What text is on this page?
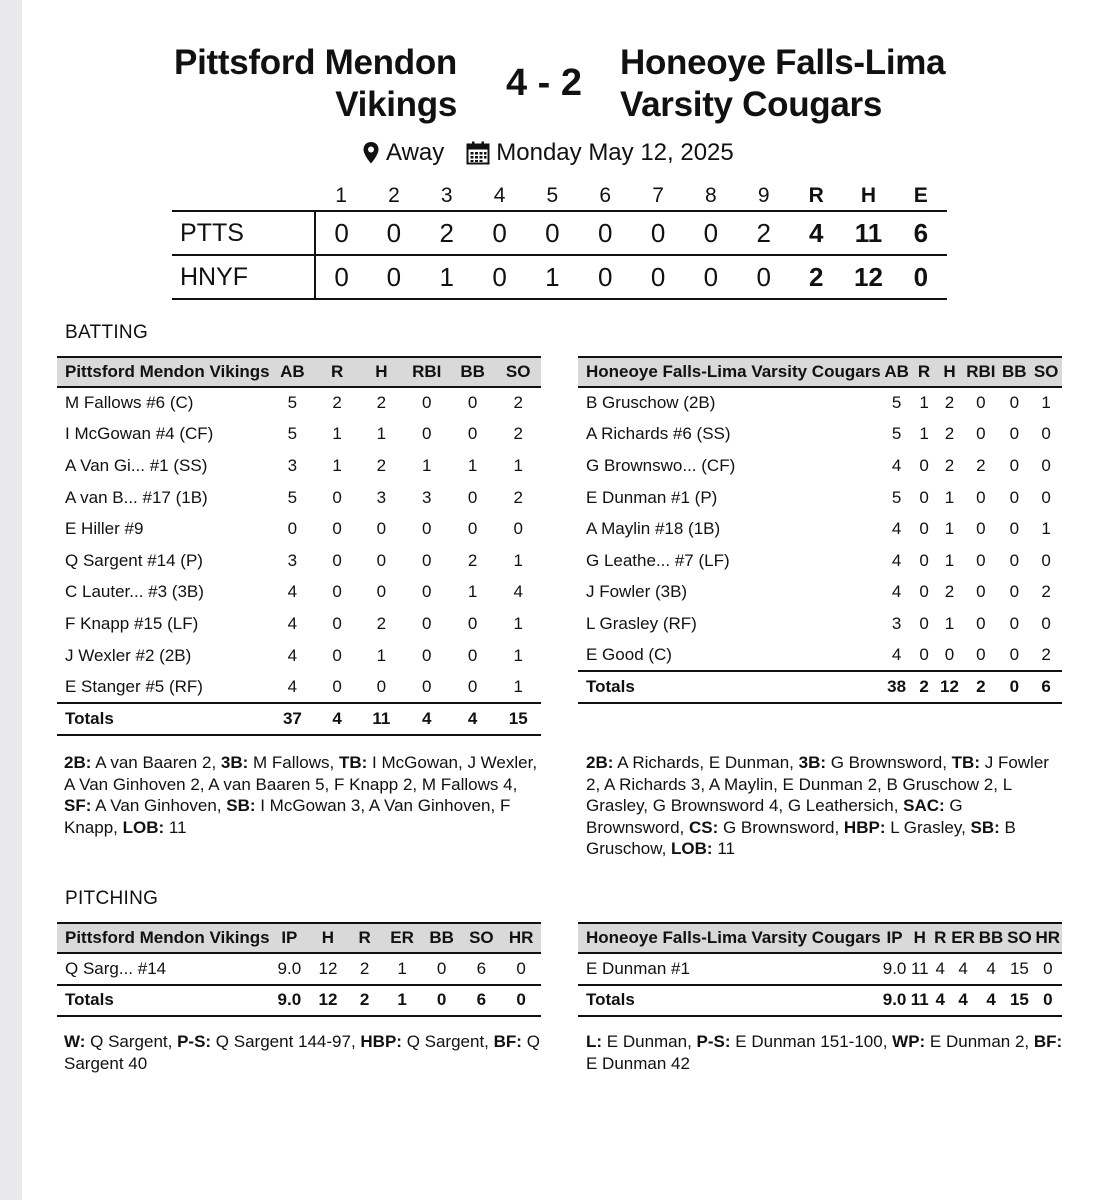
Pittsford Mendon
Vikings
4 - 2	Honeoye Falls-Lima
Varsity Cougars
Away Monday May 12, 2025
	1	2	3	4	5	6	7	8	9	R	H	E
PTTS	0	0	2	0	0	0	0	0	2	4	11	6
HNYF	0	0	1	0	1	0	0	0	0	2	12	0
BATTING
Pittsford Mendon Vikings	AB	R	H	RBI	BB	SO
M Fallows #6 (C)	5	2	2	0	0	2
I McGowan #4 (CF)	5	1	1	0	0	2
A Van Gi... #1 (SS)	3	1	2	1	1	1
A van B... #17 (1B)	5	0	3	3	0	2
E Hiller #9	0	0	0	0	0	0
Q Sargent #14 (P)	3	0	0	0	2	1
C Lauter... #3 (3B)	4	0	0	0	1	4
F Knapp #15 (LF)	4	0	2	0	0	1
J Wexler #2 (2B)	4	0	1	0	0	1
E Stanger #5 (RF)	4	0	0	0	0	1
Totals	37	4	11	4	4	15
Honeoye Falls-Lima Varsity Cougars	AB	R	H	RBI	BB	SO
B Gruschow (2B)	5	1	2	0	0	1
A Richards #6 (SS)	5	1	2	0	0	0
G Brownswo... (CF)	4	0	2	2	0	0
E Dunman #1 (P)	5	0	1	0	0	0
A Maylin #18 (1B)	4	0	1	0	0	1
G Leathe... #7 (LF)	4	0	1	0	0	0
J Fowler (3B)	4	0	2	0	0	2
L Grasley (RF)	3	0	1	0	0	0
E Good (C)	4	0	0	0	0	2
Totals	38	2	12	2	0	6
2B: A van Baaren 2, 3B: M Fallows, TB: I McGowan, J Wexler, A Van Ginhoven 2, A van Baaren 5, F Knapp 2, M Fallows 4, SF: A Van Ginhoven, SB: I McGowan 3, A Van Ginhoven, F Knapp, LOB: 11
2B: A Richards, E Dunman, 3B: G Brownsword, TB: J Fowler 2, A Richards 3, A Maylin, E Dunman 2, B Gruschow 2, L Grasley, G Brownsword 4, G Leathersich, SAC: G Brownsword, CS: G Brownsword, HBP: L Grasley, SB: B Gruschow, LOB: 11
PITCHING
Pittsford Mendon Vikings	IP	H	R	ER	BB	SO	HR
Q Sarg... #14	9.0	12	2	1	0	6	0
Totals	9.0	12	2	1	0	6	0
Honeoye Falls-Lima Varsity Cougars	IP	H	R	ER	BB	SO	HR
E Dunman #1	9.0	11	4	4	4	15	0
Totals	9.0	11	4	4	4	15	0
W: Q Sargent, P-S: Q Sargent 144-97, HBP: Q Sargent, BF: Q Sargent 40
L: E Dunman, P-S: E Dunman 151-100, WP: E Dunman 2, BF: E Dunman 42
